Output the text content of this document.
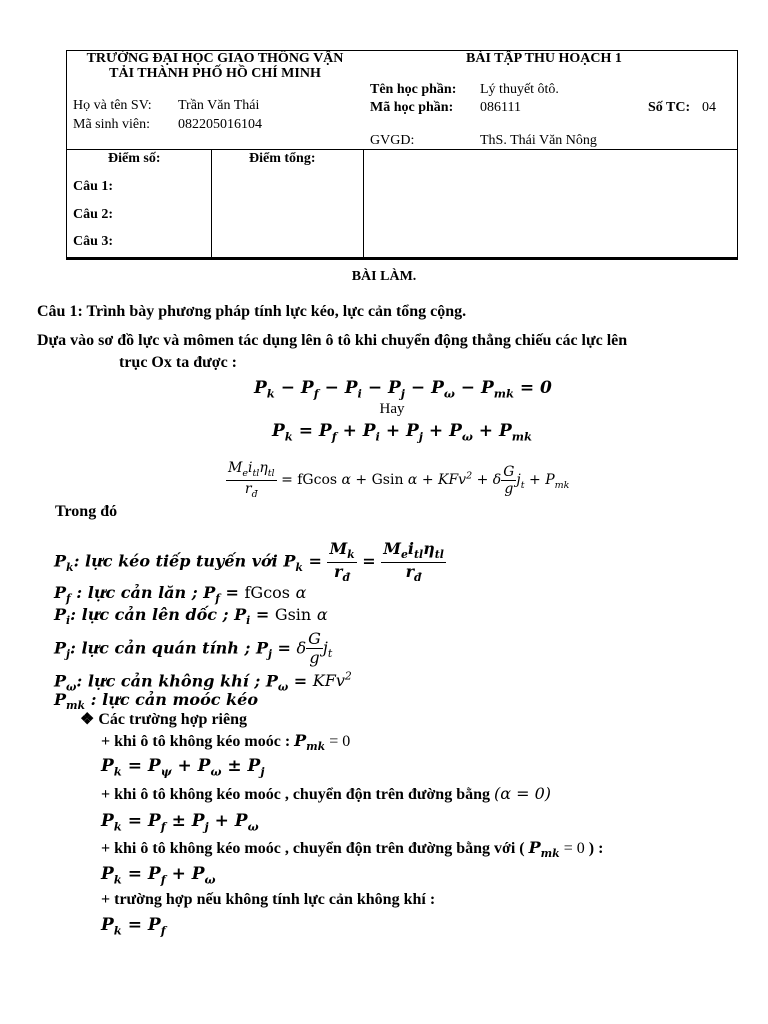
TRƯỜNG ĐẠI HỌC GIAO THÔNG VẬN
TẢI THÀNH PHỐ HỒ CHÍ MINH
BÀI TẬP THU HOẠCH 1
Họ và tên SV: Trần Văn Thái
Mã sinh viên: 082205016104
Tên học phần: Lý thuyết ôtô.
Mã học phần: 086111	Số TC: 04
GVGD:	ThS. Thái Văn Nông
Điểm số:	Điểm tổng:
Câu 1:
Câu 2:
Câu 3:
BÀI LÀM.
Câu 1: Trình bày phương pháp tính lực kéo, lực cản tổng cộng.
Dựa vào sơ đồ lực và mômen tác dụng lên ô tô khi chuyển động thẳng chiếu các lực lên
trục Ox ta được :
$P_k - P_f - P_i - P_j - P_\omega - P_{mk} = 0$
Hay
$P_k = P_f + P_i + P_j + P_\omega + P_{mk}$
$\frac{M_ei_{tl}\eta_{tl}}{r_đ} = fGcos$ α + Gsin α + KFv$^2$ + δ $\frac{G}{g} j_t + P_{mk}$
Trong đó
$P_k$: lực kéo tiếp tuyến với $P_k = \frac{M_k}{r_đ} = \frac{M_ei_{tl}\eta_{tl}}{r_đ}$
$P_f$ : lực cản lăn ; $P_f = fGcos$ α
$P_i$: lực cản lên dốc ; $P_i = Gsin$ α
$P_j$: lực cản quán tính ; $P_j = \delta \frac{G}{g} j_t$
$P_\omega$: lực cản không khí ; $P_\omega = KFv^2$
$P_{mk}$ : lực cản moóc kéo
❖ Các trường hợp riêng
+ khi ô tô không kéo moóc : $P_{mk} = 0$
$P_k = P_\psi + P_\omega \pm P_j$
+ khi ô tô không kéo moóc , chuyển độn trên đường bằng (α = 0)
$P_k = P_f \pm P_j + P_\omega$
+ khi ô tô không kéo moóc , chuyển độn trên đường bằng với ( $P_{mk} = 0$ ) :
$P_k = P_f + P_\omega$
+ trường hợp nếu không tính lực cản không khí :
$P_k = P_f$
